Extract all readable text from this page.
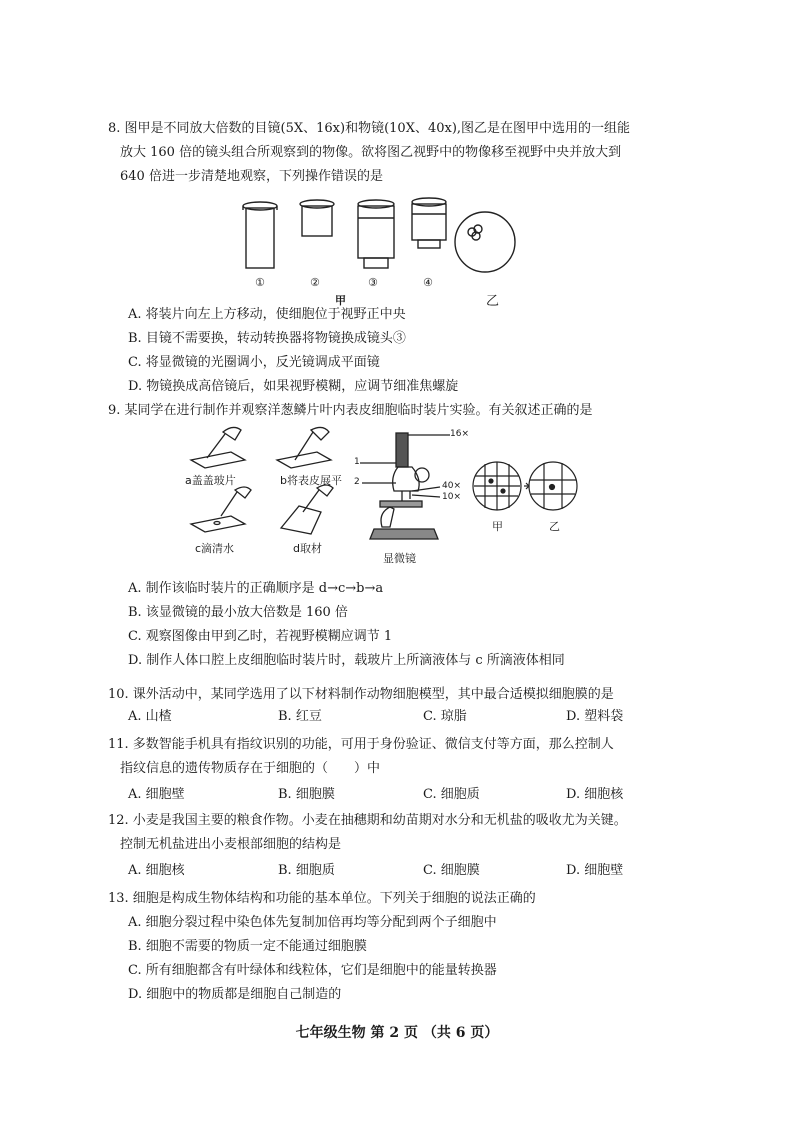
8. 图甲是不同放大倍数的目镜(5X、16x)和物镜(10X、40x),图乙是在图甲中选用的一组能
放大 160 倍的镜头组合所观察到的物像。欲将图乙视野中的物像移至视野中央并放大到
640 倍进一步清楚地观察，下列操作错误的是
①	②	③	④
甲	乙
A. 将装片向左上方移动，使细胞位于视野正中央
B. 目镜不需要换，转动转换器将物镜换成镜头③
C. 将显微镜的光圈调小，反光镜调成平面镜
D. 物镜换成高倍镜后，如果视野模糊，应调节细准焦螺旋
9. 某同学在进行制作并观察洋葱鳞片叶内表皮细胞临时装片实验。有关叙述正确的是
a盖盖玻片	b将表皮展平
c滴清水	d取材
16×
1
2	40×
10×
显微镜
甲	乙
A. 制作该临时装片的正确顺序是 d→c→b→a
B. 该显微镜的最小放大倍数是 160 倍
C. 观察图像由甲到乙时，若视野模糊应调节 1
D. 制作人体口腔上皮细胞临时装片时，载玻片上所滴液体与 c 所滴液体相同
10. 课外活动中，某同学选用了以下材料制作动物细胞模型，其中最合适模拟细胞膜的是
A. 山楂	B. 红豆	C. 琼脂	D. 塑料袋
11. 多数智能手机具有指纹识别的功能，可用于身份验证、微信支付等方面，那么控制人
指纹信息的遗传物质存在于细胞的（　　）中
A. 细胞壁	B. 细胞膜	C. 细胞质	D. 细胞核
12. 小麦是我国主要的粮食作物。小麦在抽穗期和幼苗期对水分和无机盐的吸收尤为关键。
控制无机盐进出小麦根部细胞的结构是
A. 细胞核	B. 细胞质	C. 细胞膜	D. 细胞壁
13. 细胞是构成生物体结构和功能的基本单位。下列关于细胞的说法正确的
A. 细胞分裂过程中染色体先复制加倍再均等分配到两个子细胞中
B. 细胞不需要的物质一定不能通过细胞膜
C. 所有细胞都含有叶绿体和线粒体，它们是细胞中的能量转换器
D. 细胞中的物质都是细胞自己制造的
七年级生物 第 2 页 （共 6 页）
